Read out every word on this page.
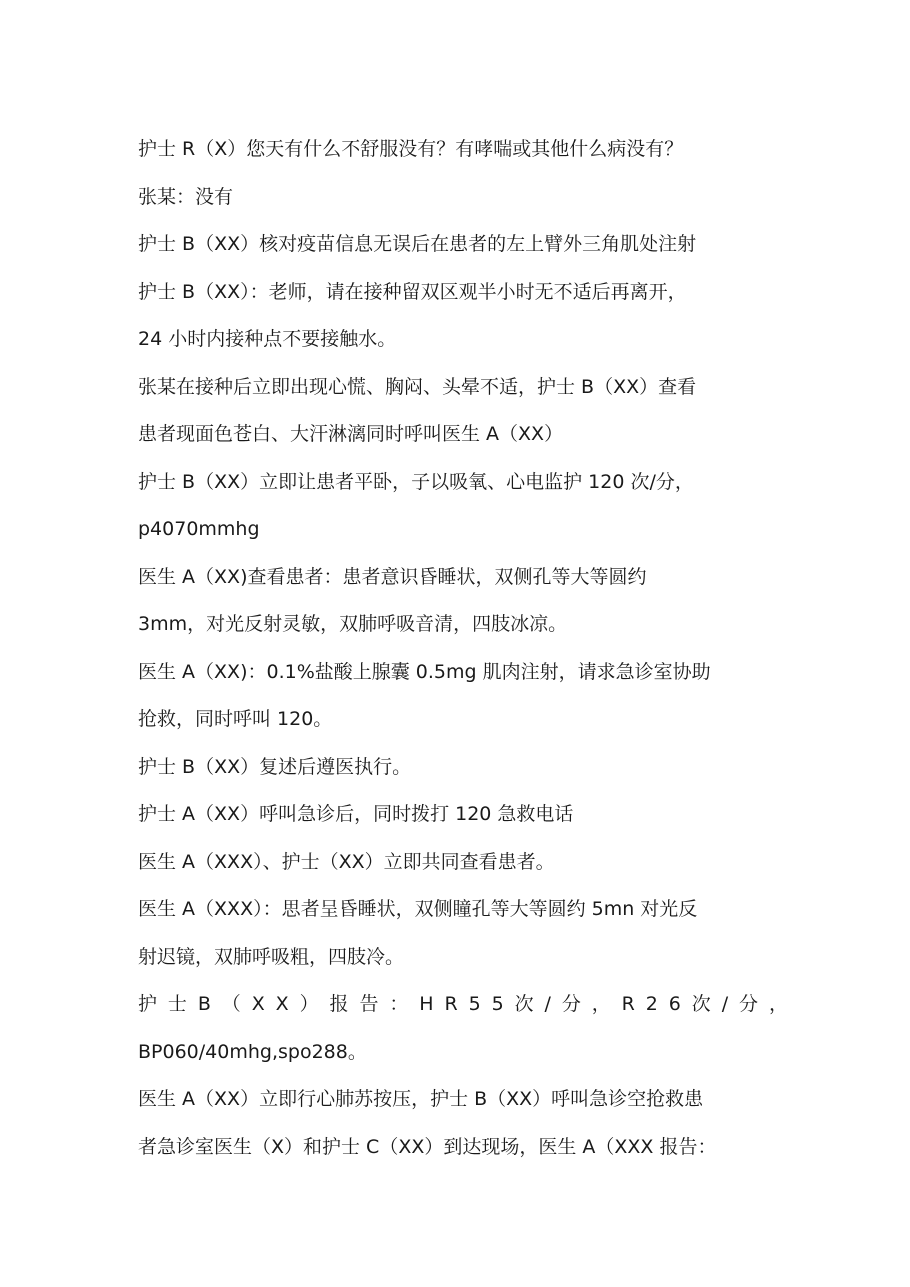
护士 R（X）您天有什么不舒服没有？有哮喘或其他什么病没有？
张某：没有
护士 B（XX）核对疫苗信息无误后在患者的左上臂外三角肌处注射
护士 B（XX）：老师，请在接种留双区观半小时无不适后再离开，
24 小时内接种点不要接触水。
张某在接种后立即出现心慌、胸闷、头晕不适，护士 B（XX）查看
患者现面色苍白、大汗淋漓同时呼叫医生 A（XX）
护士 B（XX）立即让患者平卧，子以吸氧、心电监护 120 次/分，
p4070mmhg
医生 A（XX)查看患者：患者意识昏睡状，双侧孔等大等圆约
3mm，对光反射灵敏，双肺呼吸音清，四肢冰凉。
医生 A（XX)：0.1%盐酸上腺囊 0.5mg 肌肉注射，请求急诊室协助
抢救，同时呼叫 120。
护士 B（XX）复述后遵医执行。
护士 A（XX）呼叫急诊后，同时拨打 120 急救电话
医生 A（XXX）、护士（XX）立即共同查看患者。
医生 A（XXX）：思者呈昏睡状，双侧瞳孔等大等圆约 5mn 对光反
射迟镜，双肺呼吸粗，四肢冷。
护 士 B （ X X ） 报 告 ： H R 5 5 次 / 分 ， R 2 6 次 / 分 ，
BP060/40mhg,spo288。
医生 A（XX）立即行心肺苏按压，护士 B（XX）呼叫急诊空抢救患
者急诊室医生（X）和护士 C（XX）到达现场，医生 A（XXX 报告：
